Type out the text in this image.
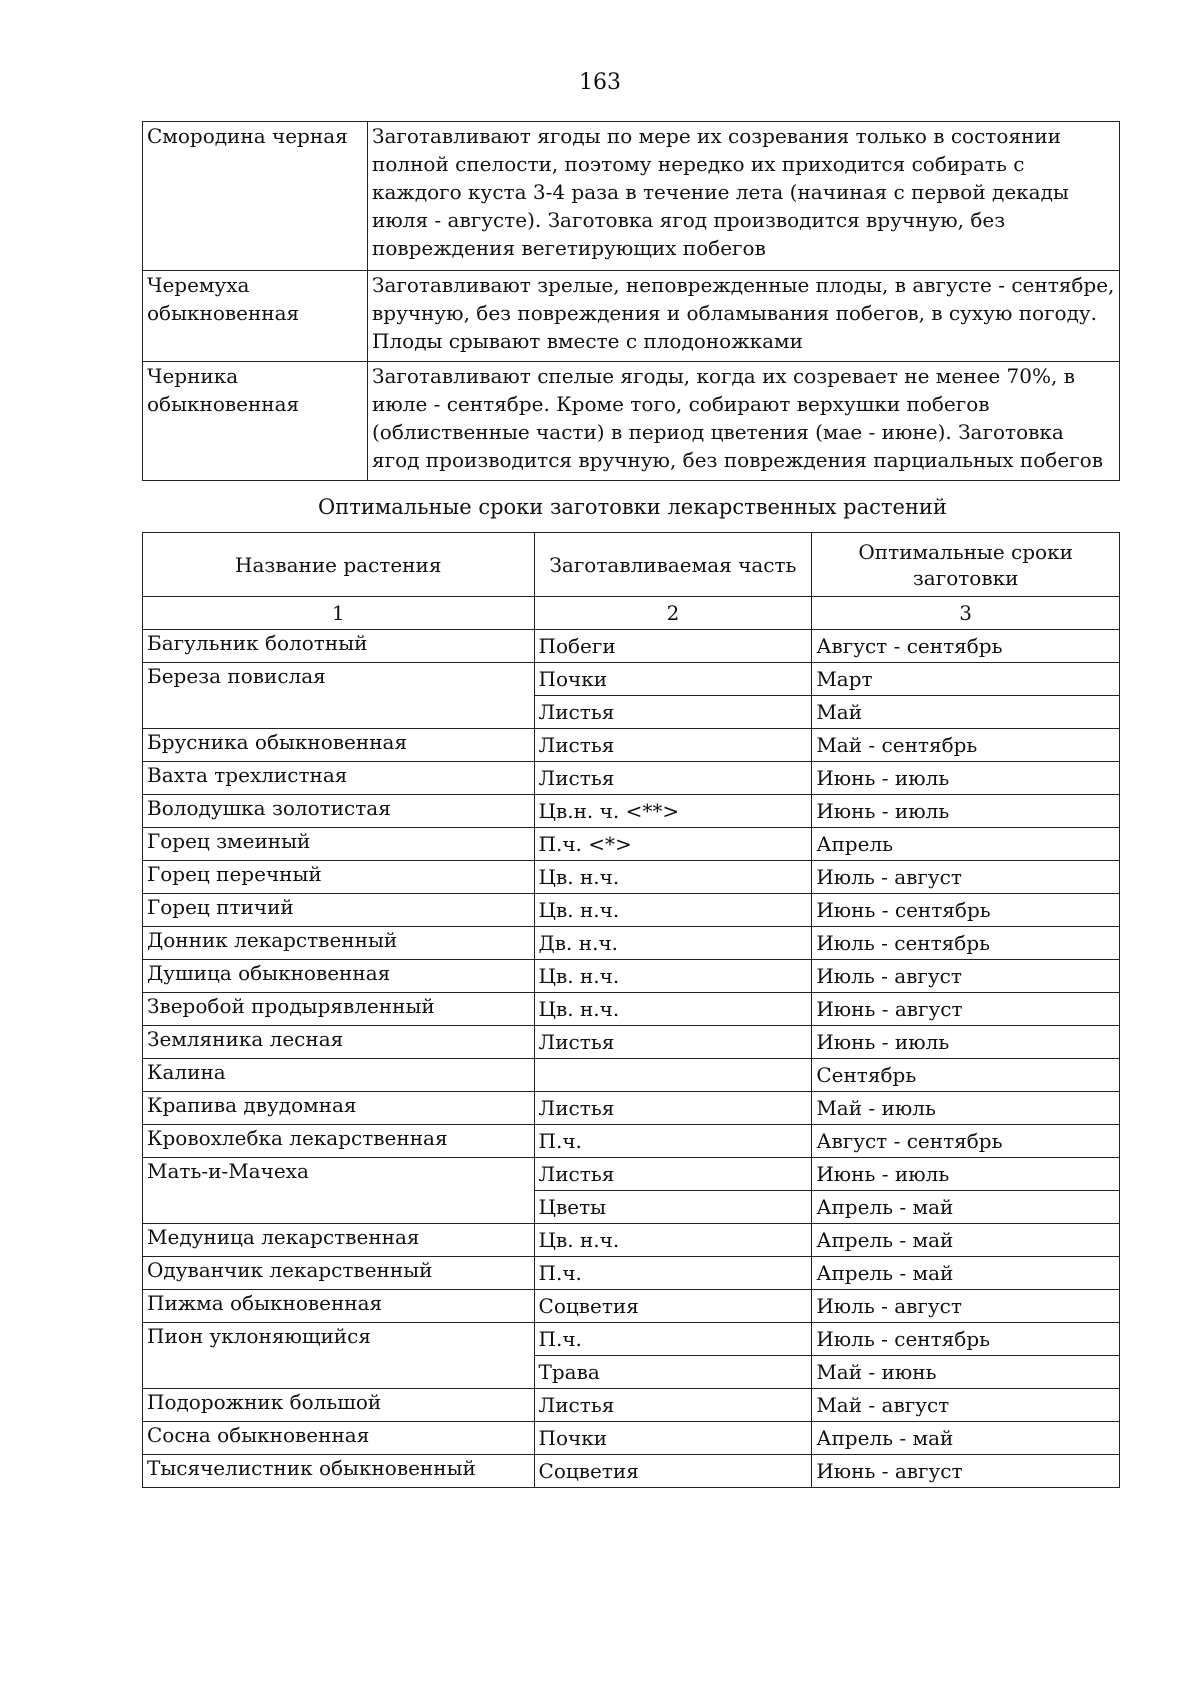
163
Смородина черная	Заготавливают ягоды по мере их созревания только в состоянии полной спелости, поэтому нередко их приходится собирать с каждого куста 3-4 раза в течение лета (начиная с первой декады июля - августе). Заготовка ягод производится вручную, без повреждения вегетирующих побегов
Черемуха обыкновенная	Заготавливают зрелые, неповрежденные плоды, в августе - сентябре, вручную, без повреждения и обламывания побегов, в сухую погоду. Плоды срывают вместе с плодоножками
Черника обыкновенная	Заготавливают спелые ягоды, когда их созревает не менее 70%, в июле - сентябре. Кроме того, собирают верхушки побегов (облиственные части) в период цветения (мае - июне). Заготовка ягод производится вручную, без повреждения парциальных побегов
Оптимальные сроки заготовки лекарственных растений
Название растения	Заготавливаемая часть	Оптимальные сроки заготовки
1	2	3
Багульник болотный	Побеги	Август - сентябрь
Береза повислая	Почки	Март
	Листья	Май
Брусника обыкновенная	Листья	Май - сентябрь
Вахта трехлистная	Листья	Июнь - июль
Володушка золотистая	Цв.н. ч. <**>	Июнь - июль
Горец змеиный	П.ч. <*>	Апрель
Горец перечный	Цв. н.ч.	Июль - август
Горец птичий	Цв. н.ч.	Июнь - сентябрь
Донник лекарственный	Дв. н.ч.	Июль - сентябрь
Душица обыкновенная	Цв. н.ч.	Июль - август
Зверобой продырявленный	Цв. н.ч.	Июнь - август
Земляника лесная	Листья	Июнь - июль
Калина		Сентябрь
Крапива двудомная	Листья	Май - июль
Кровохлебка лекарственная	П.ч.	Август - сентябрь
Мать-и-Мачеха	Листья	Июнь - июль
	Цветы	Апрель - май
Медуница лекарственная	Цв. н.ч.	Апрель - май
Одуванчик лекарственный	П.ч.	Апрель - май
Пижма обыкновенная	Соцветия	Июль - август
Пион уклоняющийся	П.ч.	Июль - сентябрь
	Трава	Май - июнь
Подорожник большой	Листья	Май - август
Сосна обыкновенная	Почки	Апрель - май
Тысячелистник обыкновенный	Соцветия	Июнь - август
